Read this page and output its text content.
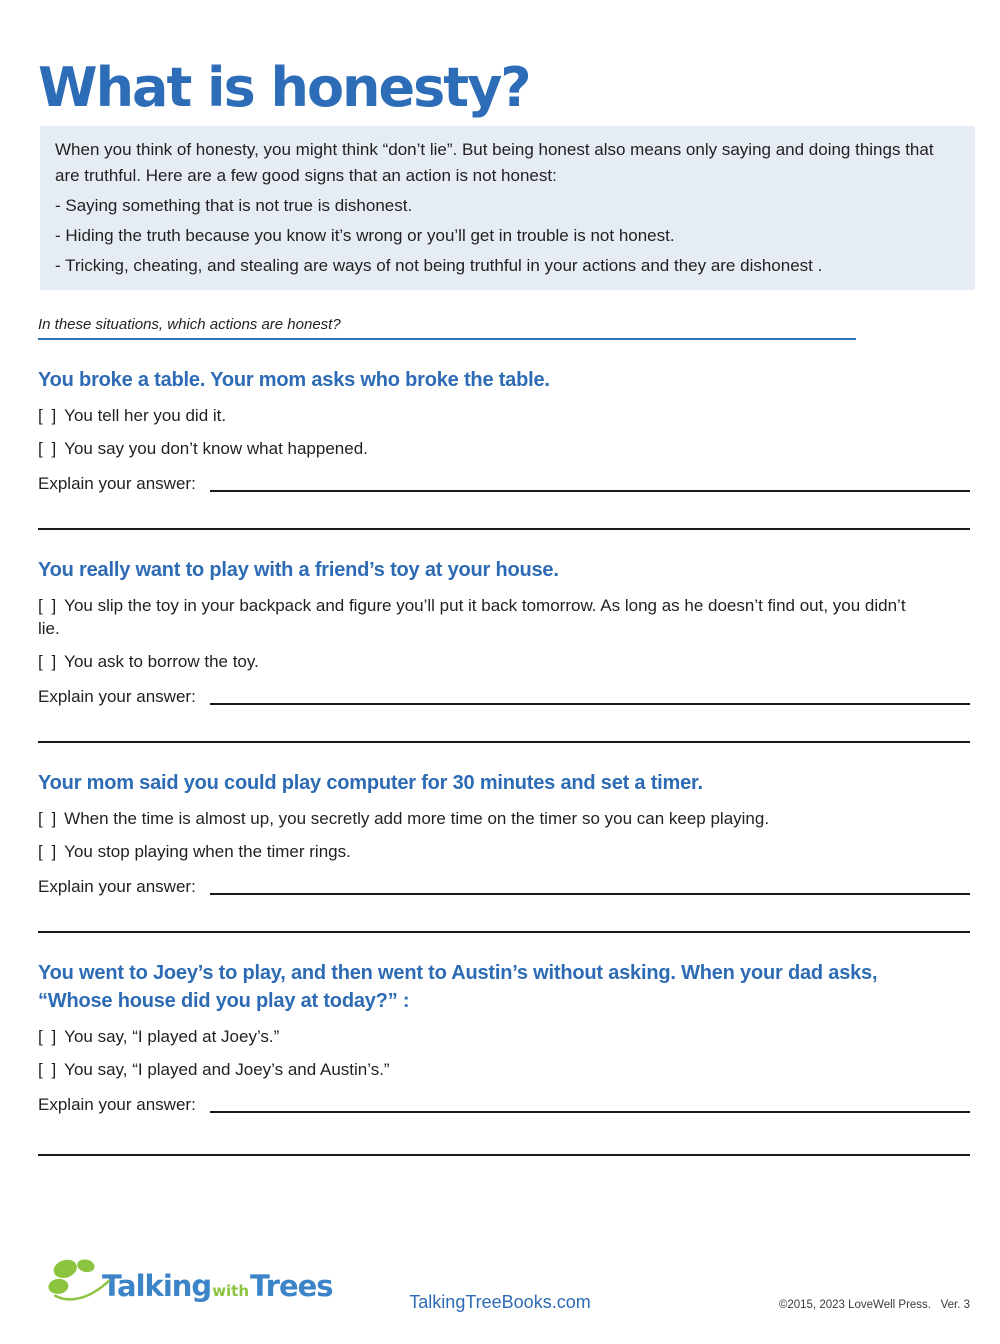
What is honesty?
When you think of honesty, you might think “don’t lie”. But being honest also means only saying and doing things that are truthful. Here are a few good signs that an action is not honest:
- Saying something that is not true is dishonest.
- Hiding the truth because you know it’s wrong or you’ll get in trouble is not honest.
- Tricking, cheating, and stealing are ways of not being truthful in your actions and they are dishonest .
In these situations, which actions are honest?
You broke a table. Your mom asks who broke the table.
[ ] You tell her you did it.
[ ] You say you don’t know what happened.
Explain your answer:
You really want to play with a friend’s toy at your house.
[ ] You slip the toy in your backpack and figure you’ll put it back tomorrow. As long as he doesn’t find out, you didn’t lie.
[ ] You ask to borrow the toy.
Explain your answer:
Your mom said you could play computer for 30 minutes and set a timer.
[ ] When the time is almost up, you secretly add more time on the timer so you can keep playing.
[ ] You stop playing when the timer rings.
Explain your answer:
You went to Joey’s to play, and then went to Austin’s without asking. When your dad asks, “Whose house did you play at today?” :
[ ] You say, “I played at Joey’s.”
[ ] You say, “I played and Joey’s and Austin’s.”
Explain your answer:
TalkingwithTrees	TalkingTreeBooks.com	©2015, 2023 LoveWell Press.   Ver. 3
